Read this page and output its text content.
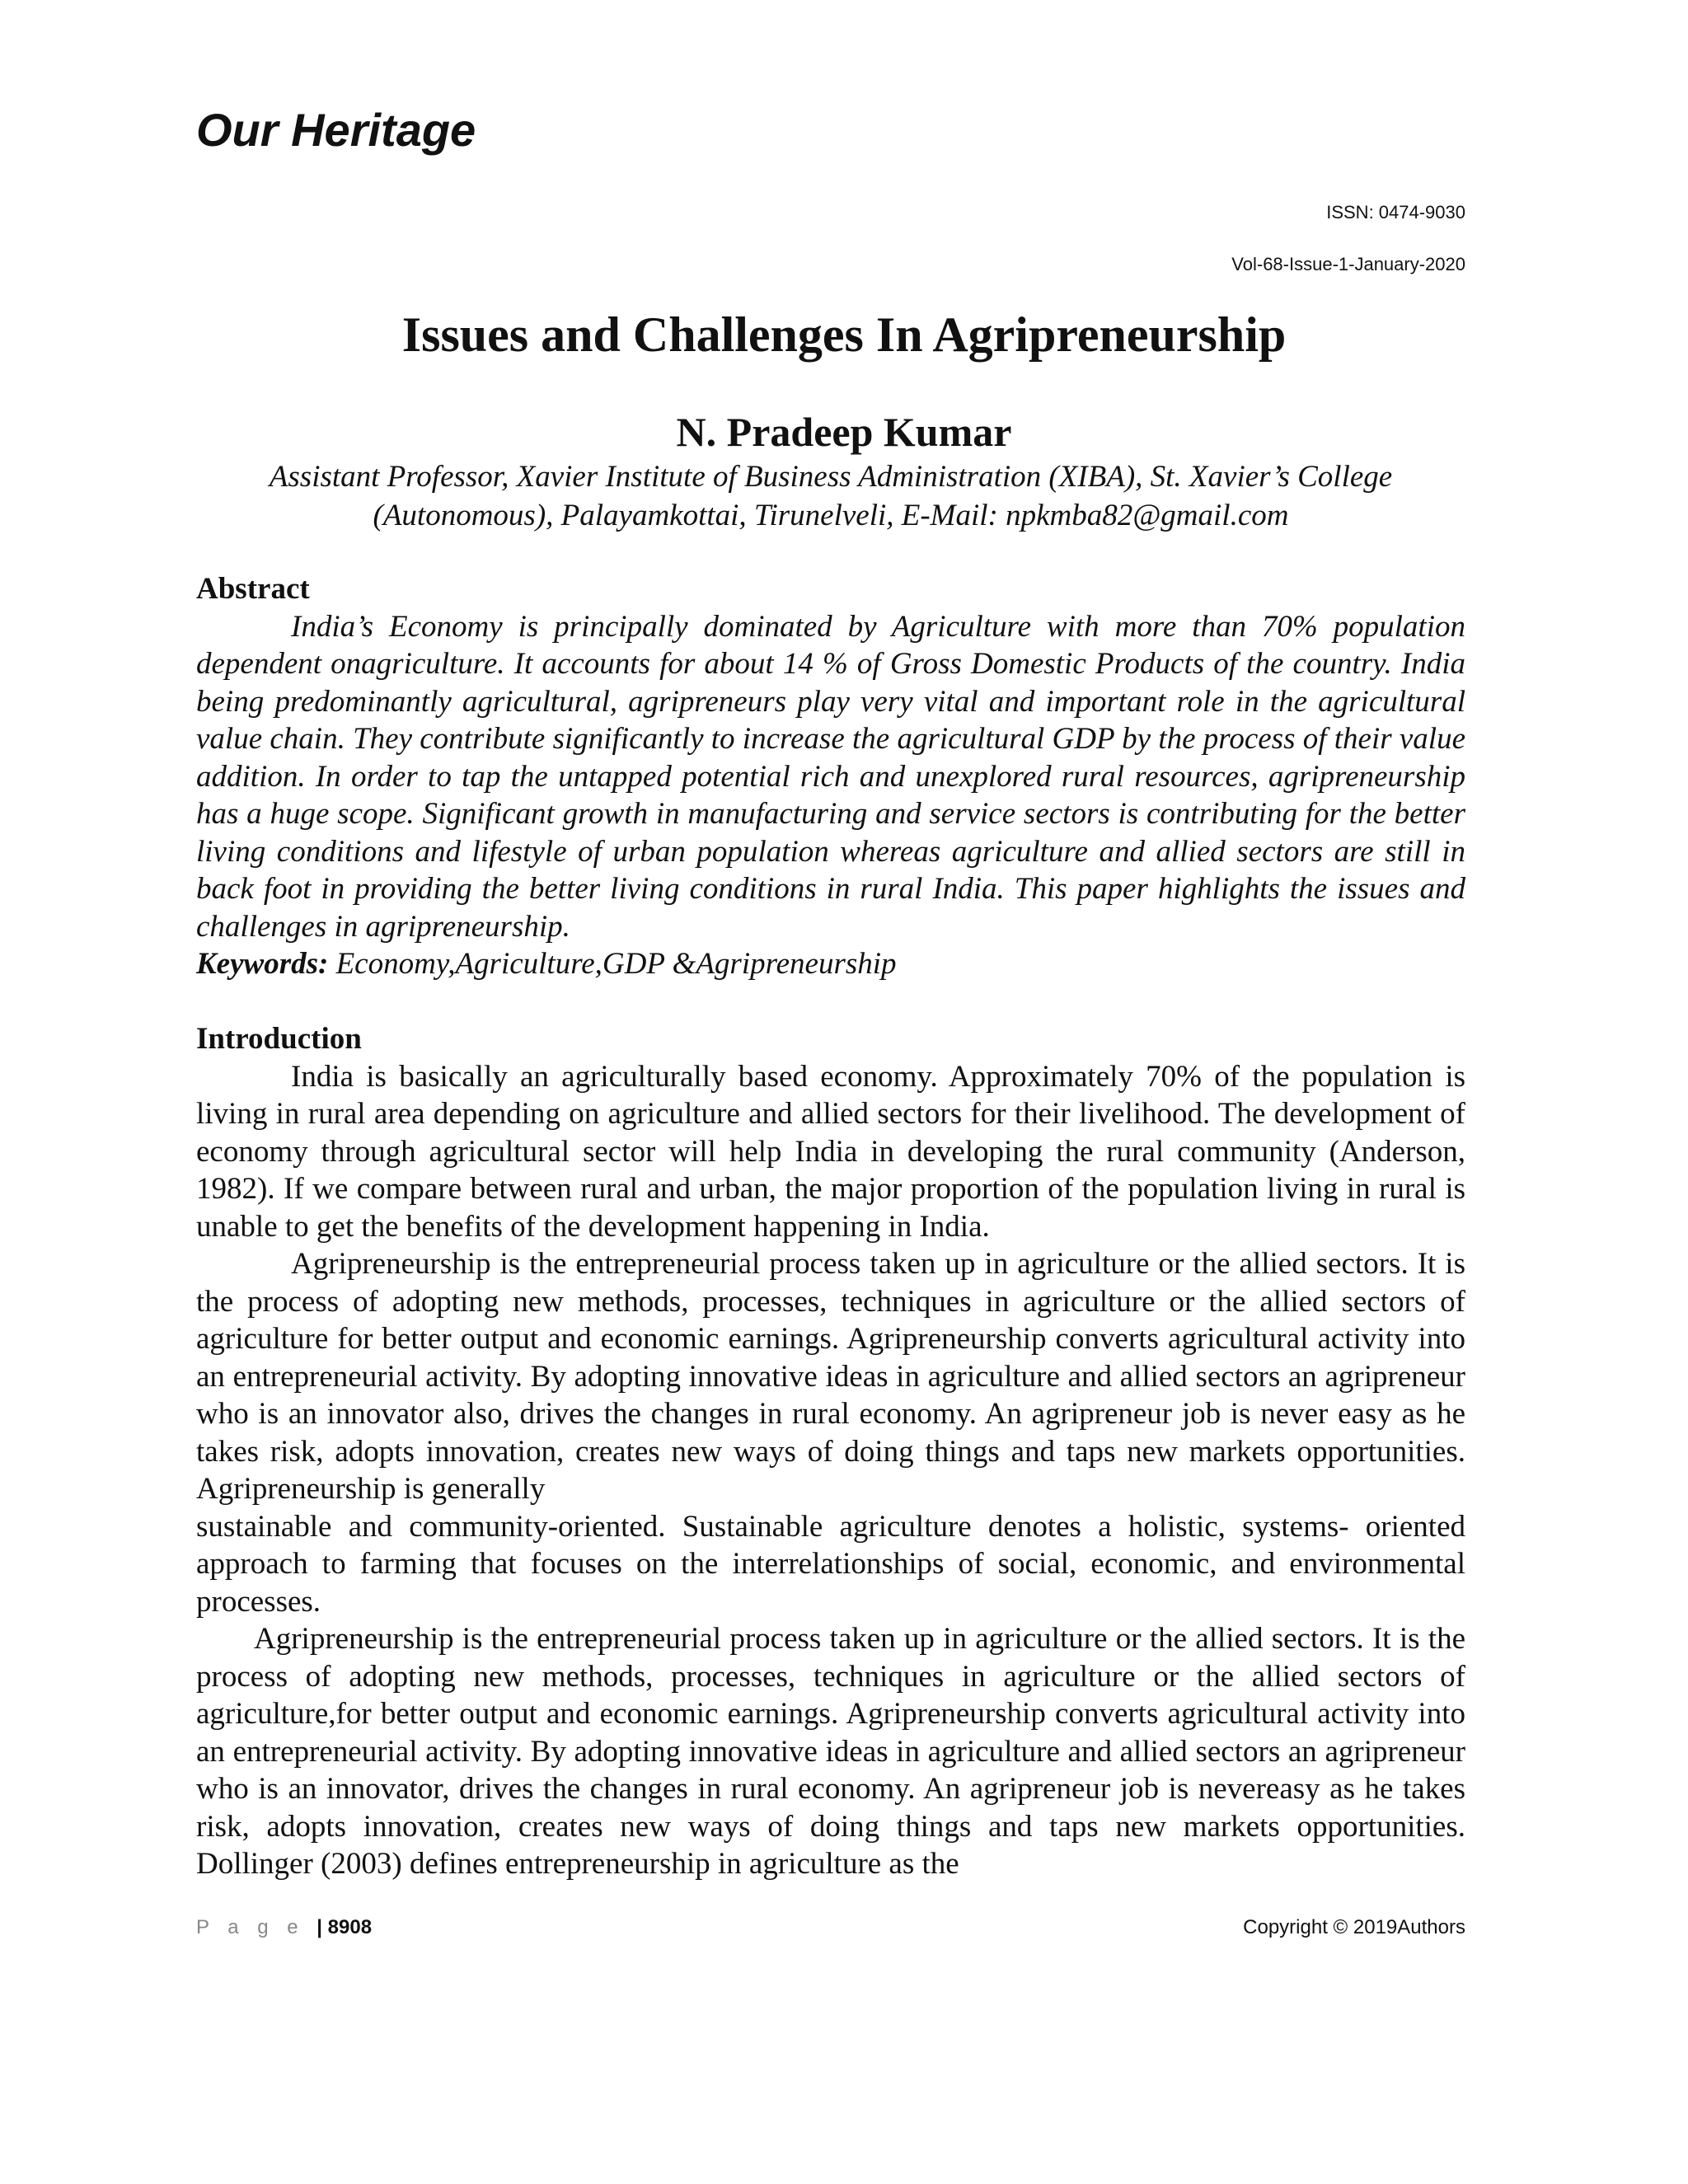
Our Heritage
ISSN: 0474-9030
Vol-68-Issue-1-January-2020
Issues and Challenges In Agripreneurship
N. Pradeep Kumar
Assistant Professor, Xavier Institute of Business Administration (XIBA), St. Xavier’s College (Autonomous), Palayamkottai, Tirunelveli, E-Mail: npkmba82@gmail.com
Abstract

India’s Economy is principally dominated by Agriculture with more than 70% population dependent onagriculture. It accounts for about 14 % of Gross Domestic Products of the country. India being predominantly agricultural, agripreneurs play very vital and important role in the agricultural value chain. They contribute significantly to increase the agricultural GDP by the process of their value addition. In order to tap the untapped potential rich and unexplored rural resources, agripreneurship has a huge scope. Significant growth in manufacturing and service sectors is contributing for the better living conditions and lifestyle of urban population whereas agriculture and allied sectors are still in back foot in providing the better living conditions in rural India. This paper highlights the issues and challenges in agripreneurship.

Keywords: Economy,Agriculture,GDP &Agripreneurship
Introduction

India is basically an agriculturally based economy. Approximately 70% of the population is living in rural area depending on agriculture and allied sectors for their livelihood. The development of economy through agricultural sector will help India in developing the rural community (Anderson, 1982). If we compare between rural and urban, the major proportion of the population living in rural is unable to get the benefits of the development happening in India.

Agripreneurship is the entrepreneurial process taken up in agriculture or the allied sectors. It is the process of adopting new methods, processes, techniques in agriculture or the allied sectors of agriculture for better output and economic earnings. Agripreneurship converts agricultural activity into an entrepreneurial activity. By adopting innovative ideas in agriculture and allied sectors an agripreneur who is an innovator also, drives the changes in rural economy. An agripreneur job is never easy as he takes risk, adopts innovation, creates new ways of doing things and taps new markets opportunities. Agripreneurship is generally

sustainable and community-oriented. Sustainable agriculture denotes a holistic, systems- oriented approach to farming that focuses on the interrelationships of social, economic, and environmental processes.

Agripreneurship is the entrepreneurial process taken up in agriculture or the allied sectors. It is the process of adopting new methods, processes, techniques in agriculture or the allied sectors of agriculture,for better output and economic earnings. Agripreneurship converts agricultural activity into an entrepreneurial activity. By adopting innovative ideas in agriculture and allied sectors an agripreneur who is an innovator, drives the changes in rural economy. An agripreneur job is nevereasy as he takes risk, adopts innovation, creates new ways of doing things and taps new markets opportunities. Dollinger (2003) defines entrepreneurship in agriculture as the

P a g e | 8908	Copyright © 2019Authors
